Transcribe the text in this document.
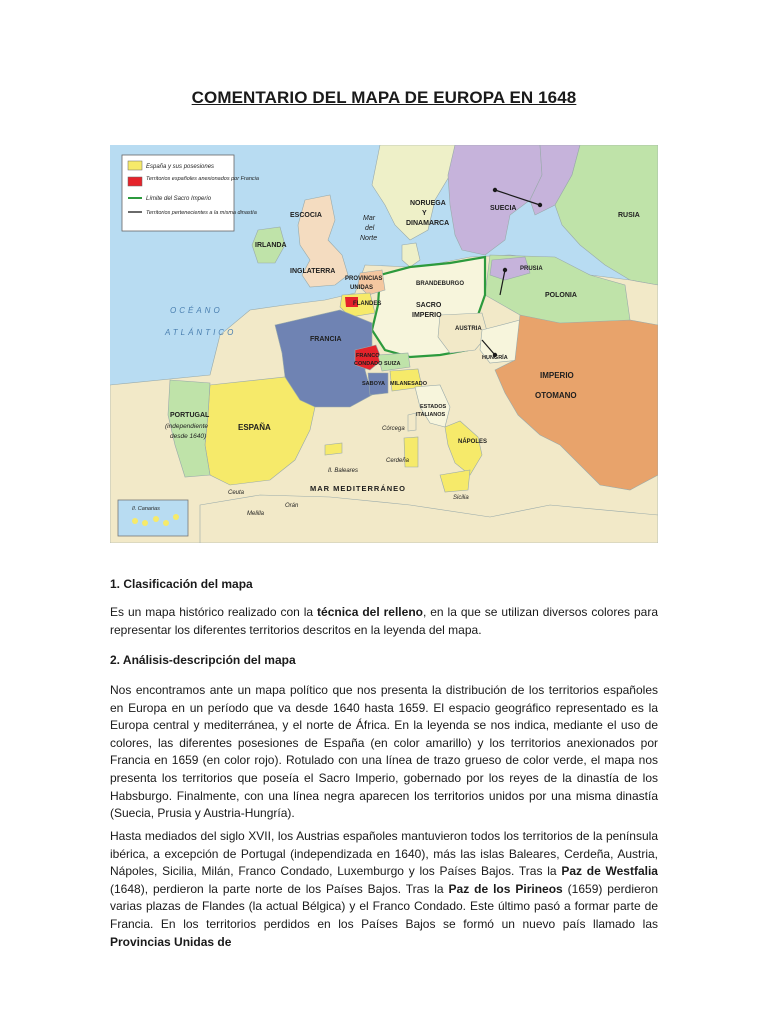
COMENTARIO DEL MAPA DE EUROPA EN 1648
España y sus posesiones
Territorios españoles anexionados por Francia
Límite del Sacro Imperio
Territorios pertenecientes a la misma dinastía	ESCOCIA
IRLANDA
INGLATERRA
Mar
del
Norte
NORUEGA
Y
DINAMARCA
SUECIA
RUSIA
PROVINCIAS
UNIDAS
BRANDEBURGO
PRUSIA
POLONIA
FLANDES	SACRO
IMPERIO
OCÉANO
ATLÁNTICO
FRANCIA
AUSTRIA
FRANCO
CONDADO SUIZA
HUNGRÍA
SABOYA MILANESADO
IMPERIO
OTOMANO
PORTUGAL
(independiente
desde 1640)
ESPAÑA
ESTADOS
ITALIANOS
Córcega
Cerdeña
NÁPOLES
Il. Baleares
MAR MEDITERRÁNEO
Sicilia
Ceuta
Melilla
Orán
Il. Canarias
1. Clasificación del mapa

Es un mapa histórico realizado con la técnica del relleno, en la que se utilizan diversos colores para representar los diferentes territorios descritos en la leyenda del mapa.

2. Análisis-descripción del mapa

Nos encontramos ante un mapa político que nos presenta la distribución de los territorios españoles en Europa en un período que va desde 1640 hasta 1659. El espacio geográfico representado es la Europa central y mediterránea, y el norte de África. En la leyenda se nos indica, mediante el uso de colores, las diferentes posesiones de España (en color amarillo) y los territorios anexionados por Francia en 1659 (en color rojo). Rotulado con una línea de trazo grueso de color verde, el mapa nos presenta los territorios que poseía el Sacro Imperio, gobernado por los reyes de la dinastía de los Habsburgo. Finalmente, con una línea negra aparecen los territorios unidos por una misma dinastía (Suecia, Prusia y Austria-Hungría).

Hasta mediados del siglo XVII, los Austrias españoles mantuvieron todos los territorios de la península ibérica, a excepción de Portugal (independizada en 1640), más las islas Baleares, Cerdeña, Austria, Nápoles, Sicilia, Milán, Franco Condado, Luxemburgo y los Países Bajos. Tras la Paz de Westfalia (1648), perdieron la parte norte de los Países Bajos. Tras la Paz de los Pirineos (1659) perdieron varias plazas de Flandes (la actual Bélgica) y el Franco Condado. Este último pasó a formar parte de Francia. En los territorios perdidos en los Países Bajos se formó un nuevo país llamado las Provincias Unidas de
